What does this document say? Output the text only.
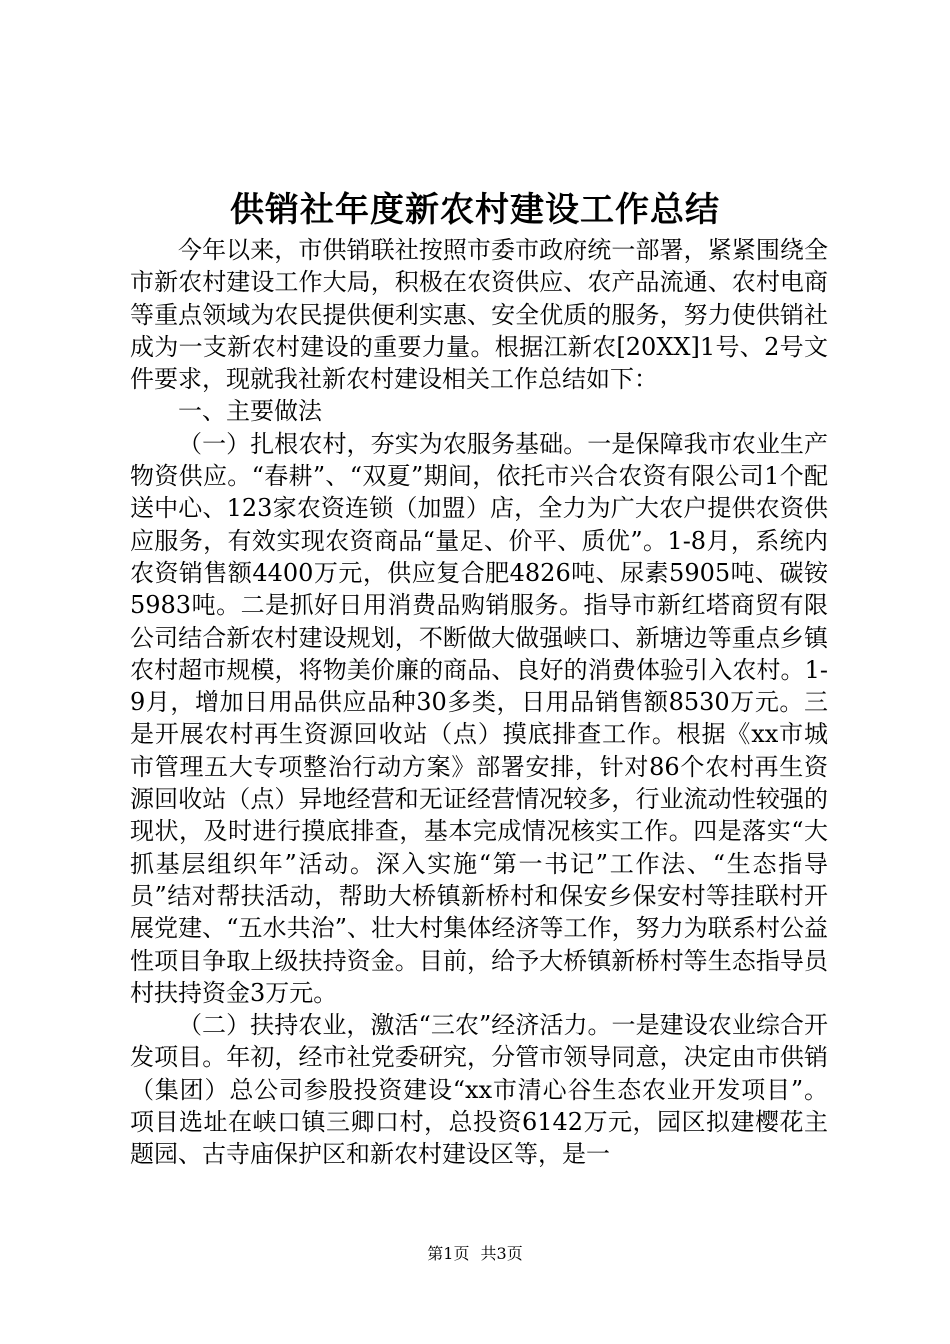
供销社年度新农村建设工作总结

今年以来，市供销联社按照市委市政府统一部署，紧紧围绕全市新农村建设工作大局，积极在农资供应、农产品流通、农村电商等重点领域为农民提供便利实惠、安全优质的服务，努力使供销社成为一支新农村建设的重要力量。根据江新农[20XX]1号、2号文件要求，现就我社新农村建设相关工作总结如下：

一、主要做法

（一）扎根农村，夯实为农服务基础。一是保障我市农业生产物资供应。“春耕”、“双夏”期间，依托市兴合农资有限公司1个配送中心、123家农资连锁（加盟）店，全力为广大农户提供农资供应服务，有效实现农资商品“量足、价平、质优”。1-8月，系统内农资销售额4400万元，供应复合肥4826吨、尿素5905吨、碳铵5983吨。二是抓好日用消费品购销服务。指导市新红塔商贸有限公司结合新农村建设规划，不断做大做强峡口、新塘边等重点乡镇农村超市规模，将物美价廉的商品、良好的消费体验引入农村。1-9月，增加日用品供应品种30多类，日用品销售额8530万元。三是开展农村再生资源回收站（点）摸底排查工作。根据《xx市城市管理五大专项整治行动方案》部署安排，针对86个农村再生资源回收站（点）异地经营和无证经营情况较多，行业流动性较强的现状，及时进行摸底排查，基本完成情况核实工作。四是落实“大抓基层组织年”活动。深入实施“第一书记”工作法、“生态指导员”结对帮扶活动，帮助大桥镇新桥村和保安乡保安村等挂联村开展党建、“五水共治”、壮大村集体经济等工作，努力为联系村公益性项目争取上级扶持资金。目前，给予大桥镇新桥村等生态指导员村扶持资金3万元。

（二）扶持农业，激活“三农”经济活力。一是建设农业综合开发项目。年初，经市社党委研究，分管市领导同意，决定由市供销（集团）总公司参股投资建设“xx市清心谷生态农业开发项目”。项目选址在峡口镇三卿口村，总投资6142万元，园区拟建樱花主题园、古寺庙保护区和新农村建设区等，是一

第1页 共3页
